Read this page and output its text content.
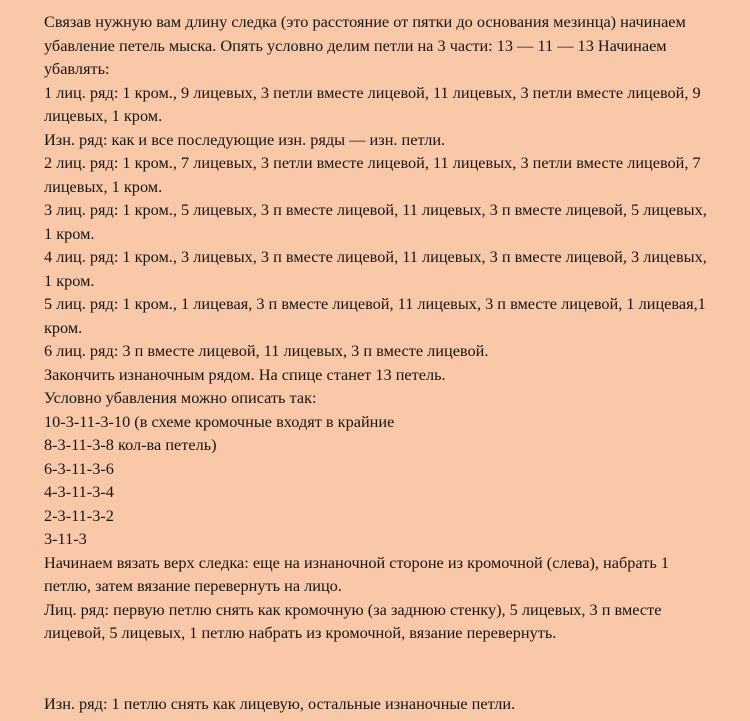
Связав нужную вам длину следка (это расстояние от пятки до основания мезинца) начинаем убавление петель мыска. Опять условно делим петли на 3 части: 13 — 11 — 13 Начинаем убавлять:

1 лиц. ряд: 1 кром., 9 лицевых, 3 петли вместе лицевой, 11 лицевых, 3 петли вместе лицевой, 9 лицевых, 1 кром.

Изн. ряд: как и все последующие изн. ряды — изн. петли.

2 лиц. ряд: 1 кром., 7 лицевых, 3 петли вместе лицевой, 11 лицевых, 3 петли вместе лицевой, 7 лицевых, 1 кром.

3 лиц. ряд: 1 кром., 5 лицевых, 3 п вместе лицевой, 11 лицевых, 3 п вместе лицевой, 5 лицевых, 1 кром.

4 лиц. ряд: 1 кром., 3 лицевых, 3 п вместе лицевой, 11 лицевых, 3 п вместе лицевой, 3 лицевых, 1 кром.

5 лиц. ряд: 1 кром., 1 лицевая, 3 п вместе лицевой, 11 лицевых, 3 п вместе лицевой, 1 лицевая,1 кром.

6 лиц. ряд: 3 п вместе лицевой, 11 лицевых, 3 п вместе лицевой.

Закончить изнаночным рядом. На спице станет 13 петель.

Условно убавления можно описать так:

10-3-11-3-10 (в схеме кромочные входят в крайние

8-3-11-3-8 кол-ва петель)

6-3-11-3-6

4-3-11-3-4

2-3-11-3-2

3-11-3

Начинаем вязать верх следка: еще на изнаночной стороне из кромочной (слева), набрать 1 петлю, затем вязание перевернуть на лицо.

Лиц. ряд: первую петлю снять как кромочную (за заднюю стенку), 5 лицевых, 3 п вместе лицевой, 5 лицевых, 1 петлю набрать из кромочной, вязание перевернуть.

Изн. ряд: 1 петлю снять как лицевую, остальные изнаночные петли.
